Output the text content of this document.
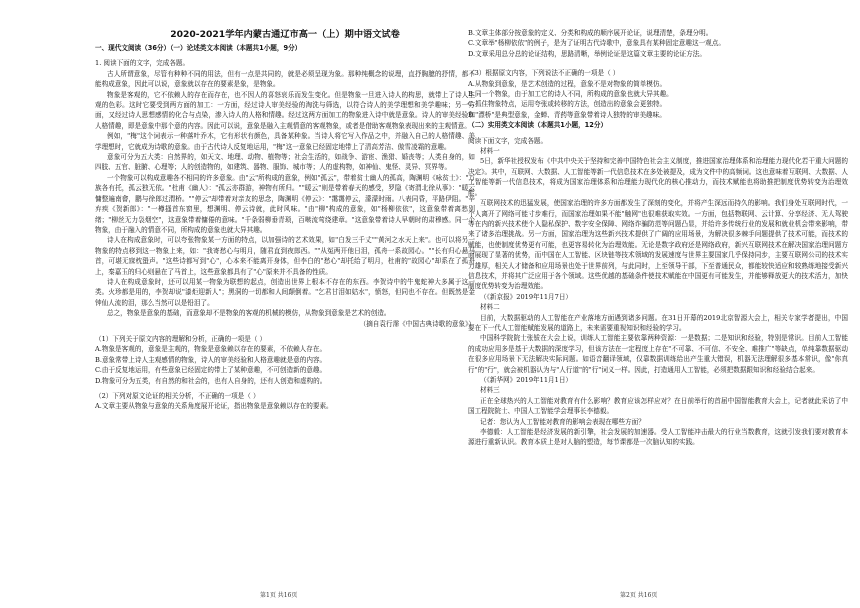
2020-2021学年内蒙古通辽市高一（上）期中语文试卷
一、现代文阅读（36分）（一）论述类文本阅读（本题共1小题，9分）

1. 阅读下面的文字，完成各题。

古人所谓意象，尽管有种种不同的用法，但有一点是共同的，就是必须呈现为象。那种纯概念的说理，直抒胸臆的抒情，都不能构成意象，因此可以说，意象就以存在的要素是象，是物象。

物象是客观的，它不依赖人的存在而存在，也不因人的喜怒哀乐而发生变化。但是物象一旦进入诗人的构思，就带上了诗人主观的色彩。这时它要受到两方面的加工：一方面，经过诗人审美经验的淘洗与筛选，以符合诗人的美学理想和美学趣味；另一方面，又经过诗人思想感情的化合与点染，渗入诗人的人格和情趣。经过这两方面加工的物象进入诗中就是意象。诗人的审美经验和人格情趣，即是意象中那个意的内容。因此可以说，意象是融入主观情意的客观物象，或者是借助客观物象表现出来的主观情意。

例如，"梅"这个词表示一种落叶乔木，它有形状有颜色，具备某种象。当诗人将它写入作品之中，并融入自己的人格情趣、美学理想时，它就成为诗歌的意象。由于古代诗人反复地运用，"梅"这一意象已经固定地带上了清高芳洁、傲雪凌霜的意趣。

意象可分为五大类：自然界的，如天文、地理、动物、植物等；社会生活的，如战争、游宦、渔猎、婚丧等；人类自身的，如四肢、五官、脏腑、心理等；人的创造物的，如建筑、器物、服饰、城市等；人的虚构物，如神仙、鬼怪、灵异、冥界等。

一个物象可以构成意趣各不相同的许多意象。由"云"所构成的意象，例如"孤云"，带着贫士幽人的孤高，陶渊明《咏贫士》："万族各有托，孤云独无依。"杜甫《幽人》："孤云亦群游，神物有所归。""暖云"则是带着春天的感受，罗隐《寄渭北徐从事》："暖云慵整遍南畲，鹏与徐郎过渭桥。""停云"却带着对亲友的思念，陶渊明《停云》："霭霭停云，濛濛时雨。八表同昏，平路伊阻。"辛弃疾《贺新郎》："一樽搔首东窗里，想渊明、停云诗就，此时风味。"由"柳"构成的意象，如"杨柳依依"，这意象带着离愁别绪；"柳丝无力袅烟空"，这意象带着慵倦的意味。"千条弱柳垂青琐，百啭流莺绕建章。"这意象带着诗人早朝时的肃穆感。同一个物象，由于融入的情意不同，所构成的意象也就大异其趣。

诗人在构成意象时，可以夸张物象某一方面的特点，以加强诗的艺术效果，如"白发三千丈""黄河之水天上来"。也可以将另一物象的特点移到这一物象上来，如："我寄愁心与明月，随君直到夜郎西。""从冤两开他日泪，孤舟一系故园心。""长有归心悬马首，可堪无寐枕蛩声。"这些诗都写到"心"，心本来不能离开身体，但李白的"愁心"却托给了明月，杜甫的"故园心"却系在了孤舟上，秦嘉玉的归心则悬在了马首上，这些意象都具有了"心"原来并不具备的性质。

诗人在构成意象时，还可以用某一物象为联想的起点，创造出世界上根本不存在的东西。李贺诗中的牛鬼蛇神大多属于这一类。火珍都是用的，李贺却说"漆炬迎新人"；黑洞的一切都和人间颠倒着。"乞君甘泪如姑水"，愤怒，但同也不存在。但既然是金钟仙人流的泪，那么当然可以是铅泪了。

总之，物象是意象的基础，而意象却不是物象的客观的机械的模仿，从物象到意象是艺术的创造。

（摘自袁行霈《中国古典诗歌的意象》）

（1）下列关于原文内容的理解和分析，正确的一项是（ ）

A.物象是客观的，意象是主观的，物象是意象赖以存在的要素，不依赖人存在。

B.意象常带上诗人主观感情的物象，诗人的审美经验和人格意趣就是意的内容。

C.由于反复地运用，有些意象已经固定的带上了某种意趣，不可创造新的意趣。

D.物象可分为五类，有自然的和社会的，也有人自身的，还有人创造和虚构的。

（2）下列对原文论证的相关分析，不正确的一项是（ ）

A.文章主要从物象与意象的关系角度展开论证，指出物象是意象赖以存在的要素。

B.文章主体部分按意象的定义、分类和构成的顺序展开论证，说理清楚，条理分明。

C.文章举"杨柳依依"的例子，是为了证明古代诗歌中，意象具有某种固定意趣这一观点。

D.文章采用总分总的论证结构，思路清晰，举例论证是这篇文章主要的论证方法。

（3）根据原文内容，下列说法不正确的一项是（ ）

A.从物象到意象，是艺术创造的过程，意象不是对物象的简单模仿。

B.同一个物象，由于加工它的诗人不同，所构成的意象也就大异其趣。

C.抓住物象特点，运用夸张或转移的方法，创造出的意象会更独特。

D."漂桥"是典型意象，金蝉、青药等意象带着诗人独特的审美趣味。

（二）实用类文本阅读（本题共1小题，12分）

阅读下面文字，完成各题。

材料一

5日，新华社授权发布《中共中央关于坚持和完善中国特色社会主义制度，推进国家治理体系和治理能力现代化若干重大问题的决定》。其中，互联网、大数据、人工智能等新一代信息技术在多处被提及，成为文件中的高频词。这也意味着互联网、大数据、人工智能等新一代信息技术，将成为国家治理体系和治理能力现代化的核心推动力，而技术赋能也将助推把制度优势转变为治理效能。

互联网技术的迅猛发展，使国家治理的许多方面都发生了深刻的变化，并将产生深远而持久的影响。我们身处互联网时代，一个人离开了网络可能寸步难行，而国家治理如果不能"触网"也很难获取实效。一方面，包括物联网、云计算、分享经济、无人驾驶等在内的新兴技术使个人隐私保护、数字安全保障、网络诈骗防范等问题凸显，并给许多传统行业的发展和就业机会带来影响，带来了诸多治理挑战。另一方面，国家治理为这些新兴技术提供了广阔的应用场景，为解决很多棘手问题提供了技术可能，而技术的赋能，也使制度优势更有可能，也更容易转化为治理效能。无论是数字政府还是网络政府，新兴互联网技术在解决国家治理问题方面展现了显著的优势，而中国在人工智能、区块链等技术领域的发展速度与世界主要国家几乎保持同步，主要互联网公司的技术实力雄厚，相关人才储备和应用场景也处于世界前列，与此同时，上至领导干部，下至普通民众，都能较快适应和较熟练地接受新兴信息技术，并将其广泛应用于各个领域。这些优越的基础条件使技术赋能在中国更有可能发生，并能够释放更大的技术活力，加快制度优势转变为治理效能。

（《新京报》2019年11月7日）

材料二

目前，大数据驱动的人工智能在产业落地方面遇到诸多问题。在31日开幕的2019北京智源大会上，相关专家学者提出，中国要在下一代人工智能赋能发展的道路上，未来需要重视知识和经验的学习。

中国科学院院士张钹在大会上说，训练人工智能主要依靠两种资源：一是数据；二是知识和经验，特别是常识。目前人工智能的成功应用多是基于大数据的深度学习，但该方法在一定程度上存在"不可靠、不可信、不安全、难推广"等缺点，单纯靠数据驱动在很多应用场景下无法解决实际问题。如语音翻译领域，仅靠数据训练给出产生重大错误，机器无法理解很多基本常识，像"你真行"的"行"，就会被机器认为与"人行道"的"行"词义一样。因此，打造通用人工智能，必须把数据跟知识和经验结合起来。

（《新华网》2019年11月1日）

材料三

正在全球热兴的人工智能对教育有什么影响？教育应该怎样应对？在日前举行的首届中国智能教育大会上，记者就此采访了中国工程院院士、中国人工智能学会理事长李德毅。

记者：您认为人工智能对教育的影响会表现在哪些方面？

李德毅：人工智能是经济发展的新引擎，社会发展的加速器。受人工智能冲击最大的行业当数教育，这就引发我们要对教育本源进行重新认识。教育本质上是对人脑的塑造，每节课都是一次脑认知的实践。

第1页 共16页	第2页 共16页
